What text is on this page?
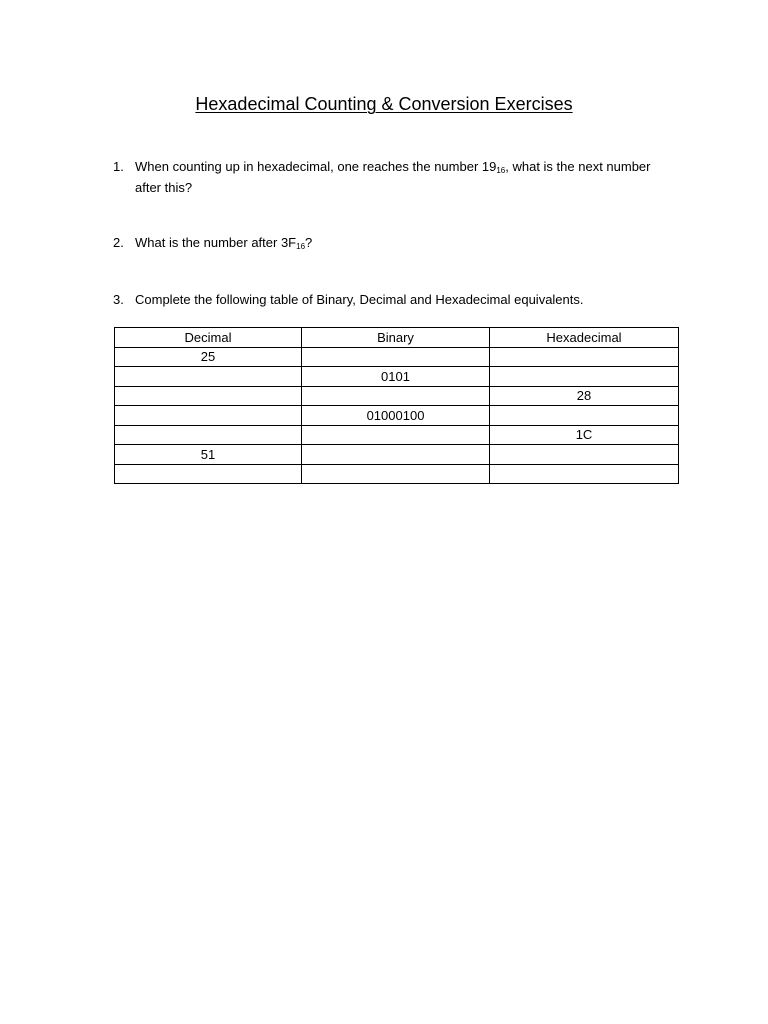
Hexadecimal Counting & Conversion Exercises
1. When counting up in hexadecimal, one reaches the number $19_{16}$, what is the next number after this?
2. What is the number after $3F_{16}$?
3. Complete the following table of Binary, Decimal and Hexadecimal equivalents.
Decimal	Binary	Hexadecimal
25		
	0101	
		28
	01000100	
		1C
51		
